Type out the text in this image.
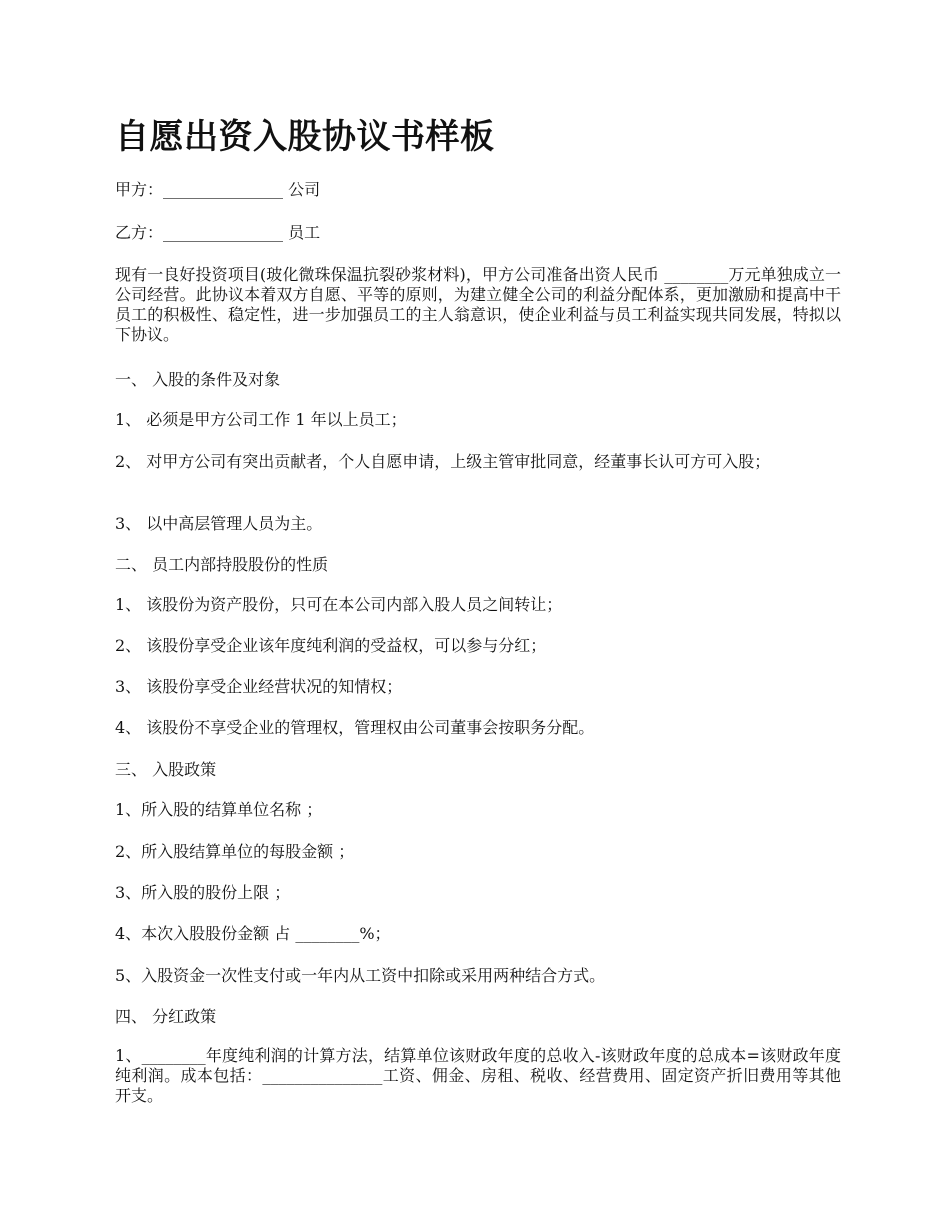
自愿出资入股协议书样板
甲方：_______________ 公司
乙方：_______________ 员工
现有一良好投资项目(玻化微珠保温抗裂砂浆材料)，甲方公司准备出资人民币 ________万元单独成立一公司经营。此协议本着双方自愿、平等的原则，为建立健全公司的利益分配体系，更加激励和提高中干员工的积极性、稳定性，进一步加强员工的主人翁意识，使企业利益与员工利益实现共同发展，特拟以下协议。
一、 入股的条件及对象
1、 必须是甲方公司工作 1 年以上员工；
2、 对甲方公司有突出贡献者，个人自愿申请，上级主管审批同意，经董事长认可方可入股；
3、 以中高层管理人员为主。
二、 员工内部持股股份的性质
1、 该股份为资产股份，只可在本公司内部入股人员之间转让；
2、 该股份享受企业该年度纯利润的受益权，可以参与分红；
3、 该股份享受企业经营状况的知情权；
4、 该股份不享受企业的管理权，管理权由公司董事会按职务分配。
三、 入股政策
1、所入股的结算单位名称 ；
2、所入股结算单位的每股金额 ；
3、所入股的股份上限 ；
4、本次入股股份金额 占 ________%；
5、入股资金一次性支付或一年内从工资中扣除或采用两种结合方式。
四、 分红政策
1、________年度纯利润的计算方法，结算单位该财政年度的总收入-该财政年度的总成本=该财政年度纯利润。成本包括：_______________工资、佣金、房租、税收、经营费用、固定资产折旧费用等其他开支。
